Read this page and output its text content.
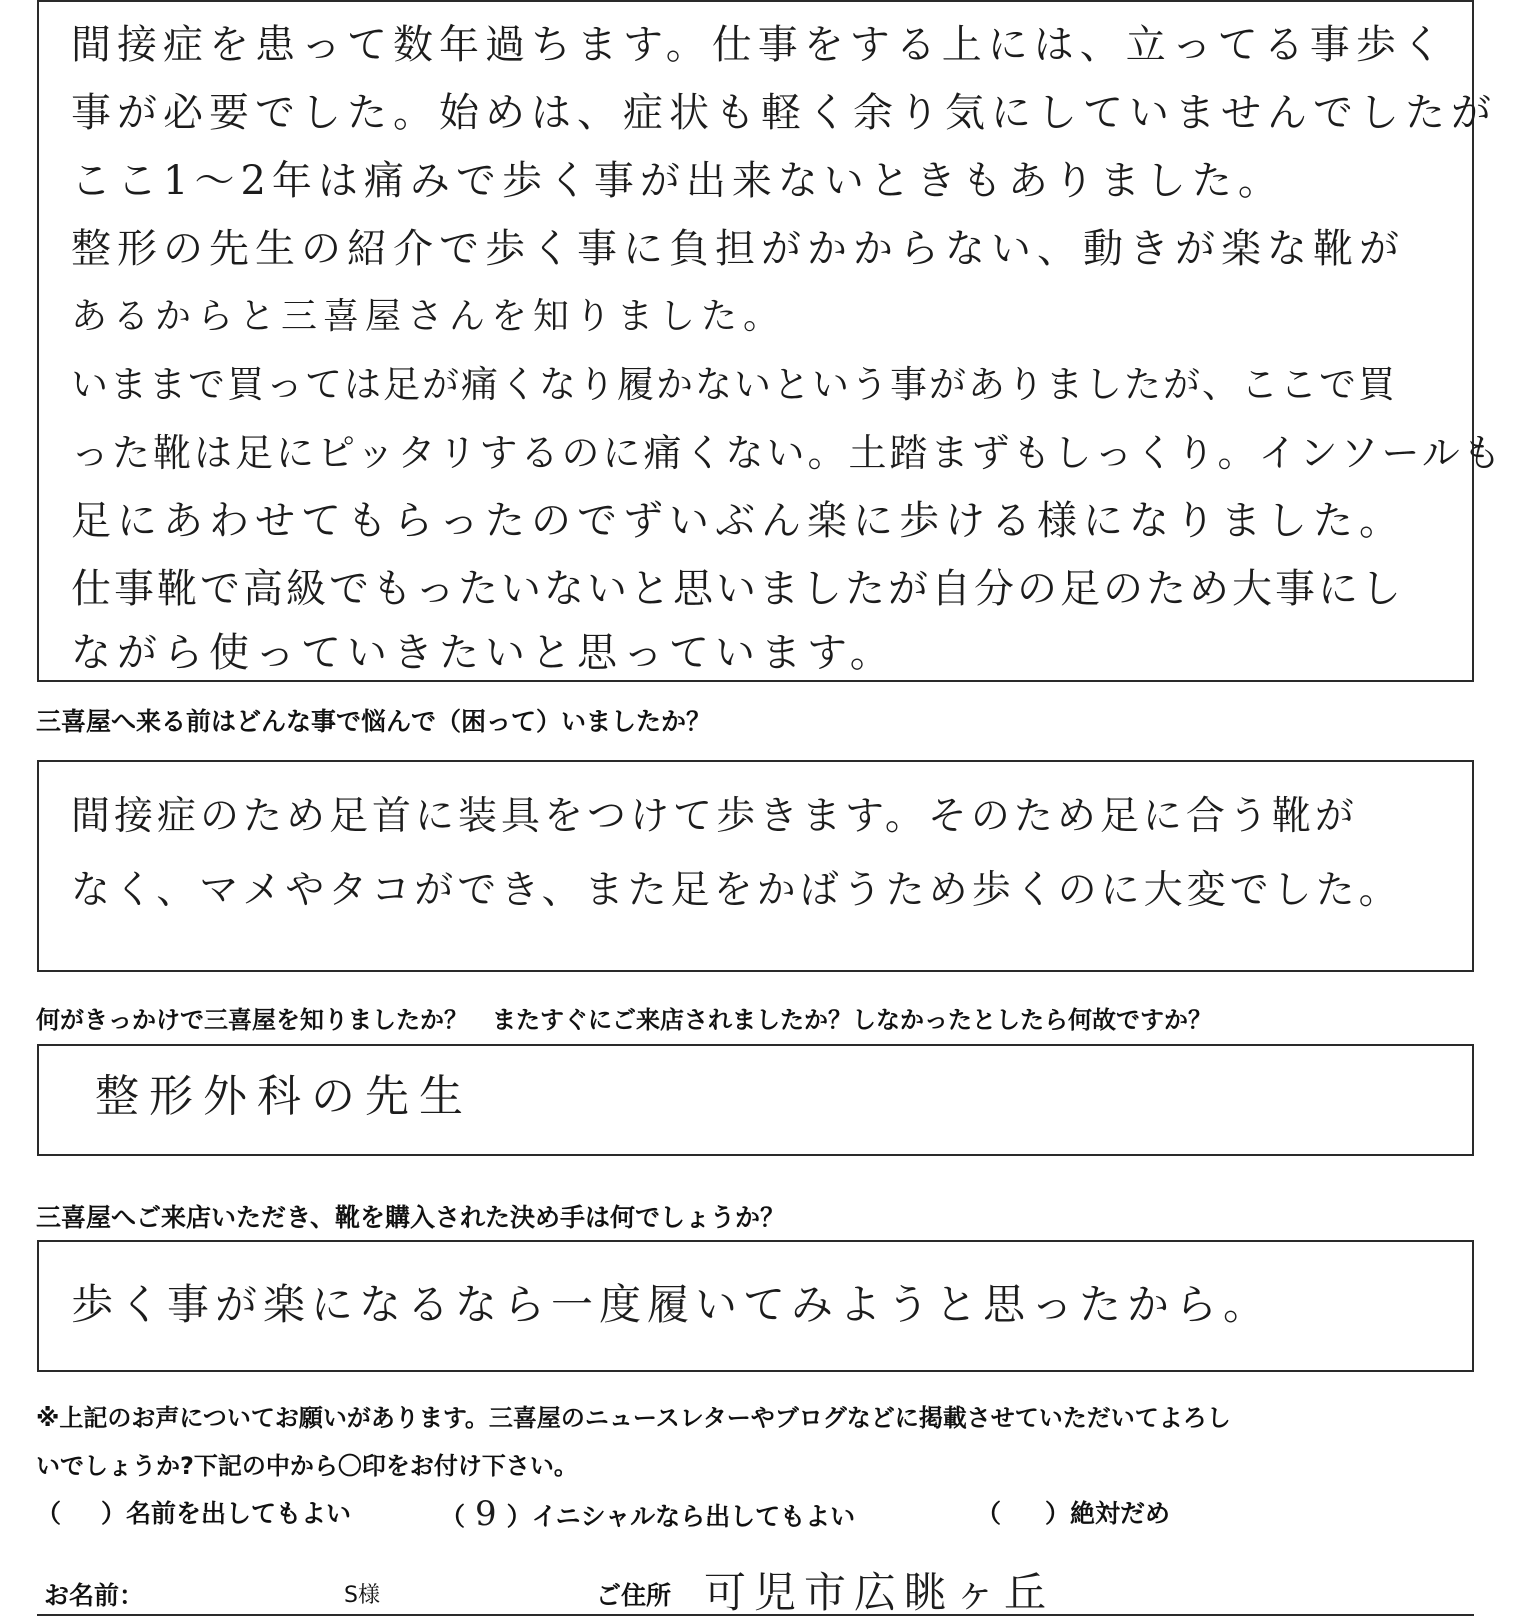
間接症を患って数年過ちます。仕事をする上には、立ってる事歩く
事が必要でした。始めは、症状も軽く余り気にしていませんでしたが
ここ1～2年は痛みで歩く事が出来ないときもありました。
整形の先生の紹介で歩く事に負担がかからない、動きが楽な靴が
あるからと三喜屋さんを知りました。
いままで買っては足が痛くなり履かないという事がありましたが、ここで買
った靴は足にピッタリするのに痛くない。土踏まずもしっくり。インソールも
足にあわせてもらったのでずいぶん楽に歩ける様になりました。
仕事靴で高級でもったいないと思いましたが自分の足のため大事にし
ながら使っていきたいと思っています。
三喜屋へ来る前はどんな事で悩んで（困って）いましたか？
間接症のため足首に装具をつけて歩きます。そのため足に合う靴が
なく、マメやタコができ、また足をかばうため歩くのに大変でした。
何がきっかけで三喜屋を知りましたか？　またすぐにご来店されましたか？しなかったとしたら何故ですか？
整形外科の先生
三喜屋へご来店いただき、靴を購入された決め手は何でしょうか？
歩く事が楽になるなら一度履いてみようと思ったから。
※上記のお声についてお願いがあります。三喜屋のニュースレターやブログなどに掲載させていただいてよろし
いでしょうか?下記の中から〇印をお付け下さい。
（ ）名前を出してもよい	（ 9 ）イニシャルなら出してもよい	（ ）絶対だめ
お名前：	S様	ご住所 可児市広眺ヶ丘
